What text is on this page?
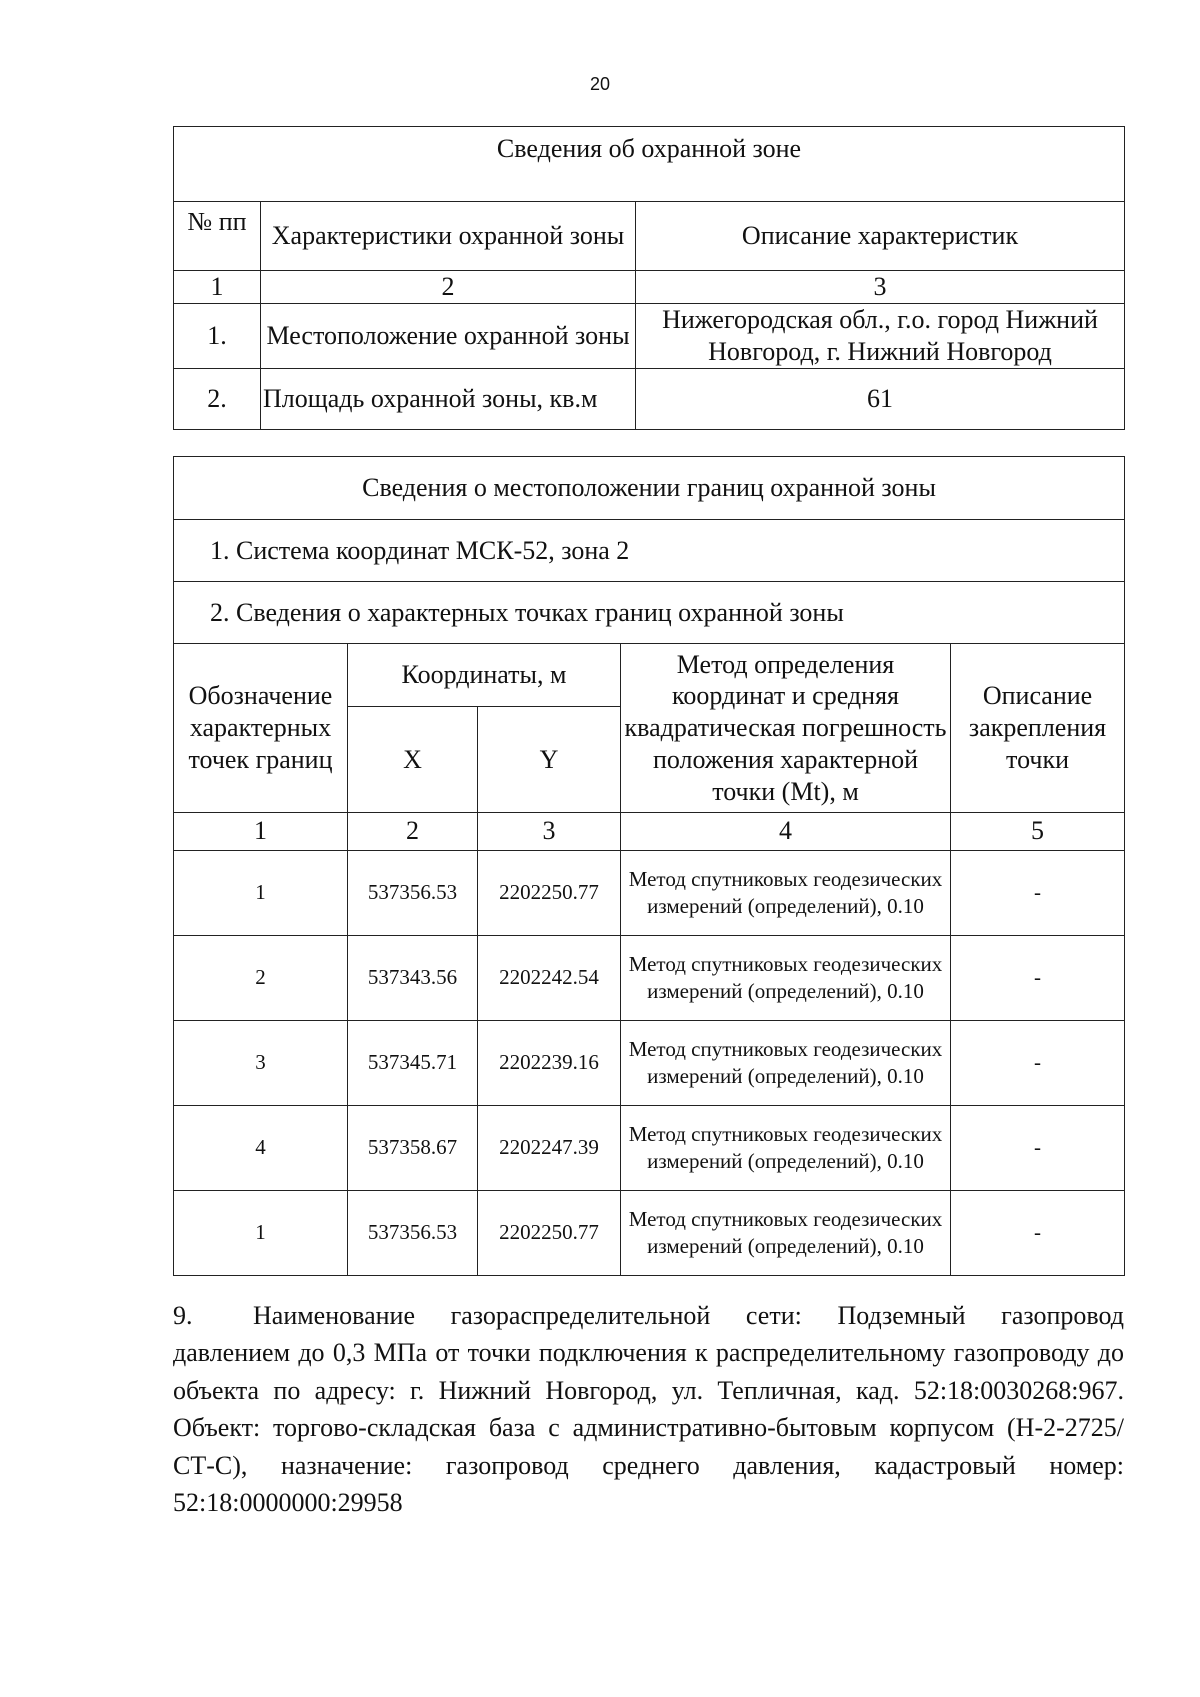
20
Сведения об охранной зоне		
№ пп	Характеристики охранной зоны	Описание характеристик
1	2	3
1.	Местоположение охранной зоны	Нижегородская обл., г.о. город Нижний Новгород, г. Нижний Новгород
2.	Площадь охранной зоны, кв.м	61
Сведения о местоположении границ охранной зоны				
1. Система координат МСК-52, зона 2				
2. Сведения о характерных точках границ охранной зоны				
Обозначение характерных точек границ	Координаты, м		Метод определения координат и средняя квадратическая погрешность положения характерной точки (Mt), м	Описание закрепления точки
	X	Y		
1	2	3	4	5
1	537356.53	2202250.77	Метод спутниковых геодезических измерений (определений), 0.10	-
2	537343.56	2202242.54	Метод спутниковых геодезических измерений (определений), 0.10	-
3	537345.71	2202239.16	Метод спутниковых геодезических измерений (определений), 0.10	-
4	537358.67	2202247.39	Метод спутниковых геодезических измерений (определений), 0.10	-
1	537356.53	2202250.77	Метод спутниковых геодезических измерений (определений), 0.10	-

9. Наименование газораспределительной сети: Подземный газопровод давлением до 0,3 МПа от точки подключения к распределительному газопроводу до объекта по адресу: г. Нижний Новгород, ул. Тепличная, кад. 52:18:0030268:967. Объект: торгово-складская база с административно-бытовым корпусом (Н-2-2725/СТ-С), назначение: газопровод среднего давления, кадастровый номер: 52:18:0000000:29958
